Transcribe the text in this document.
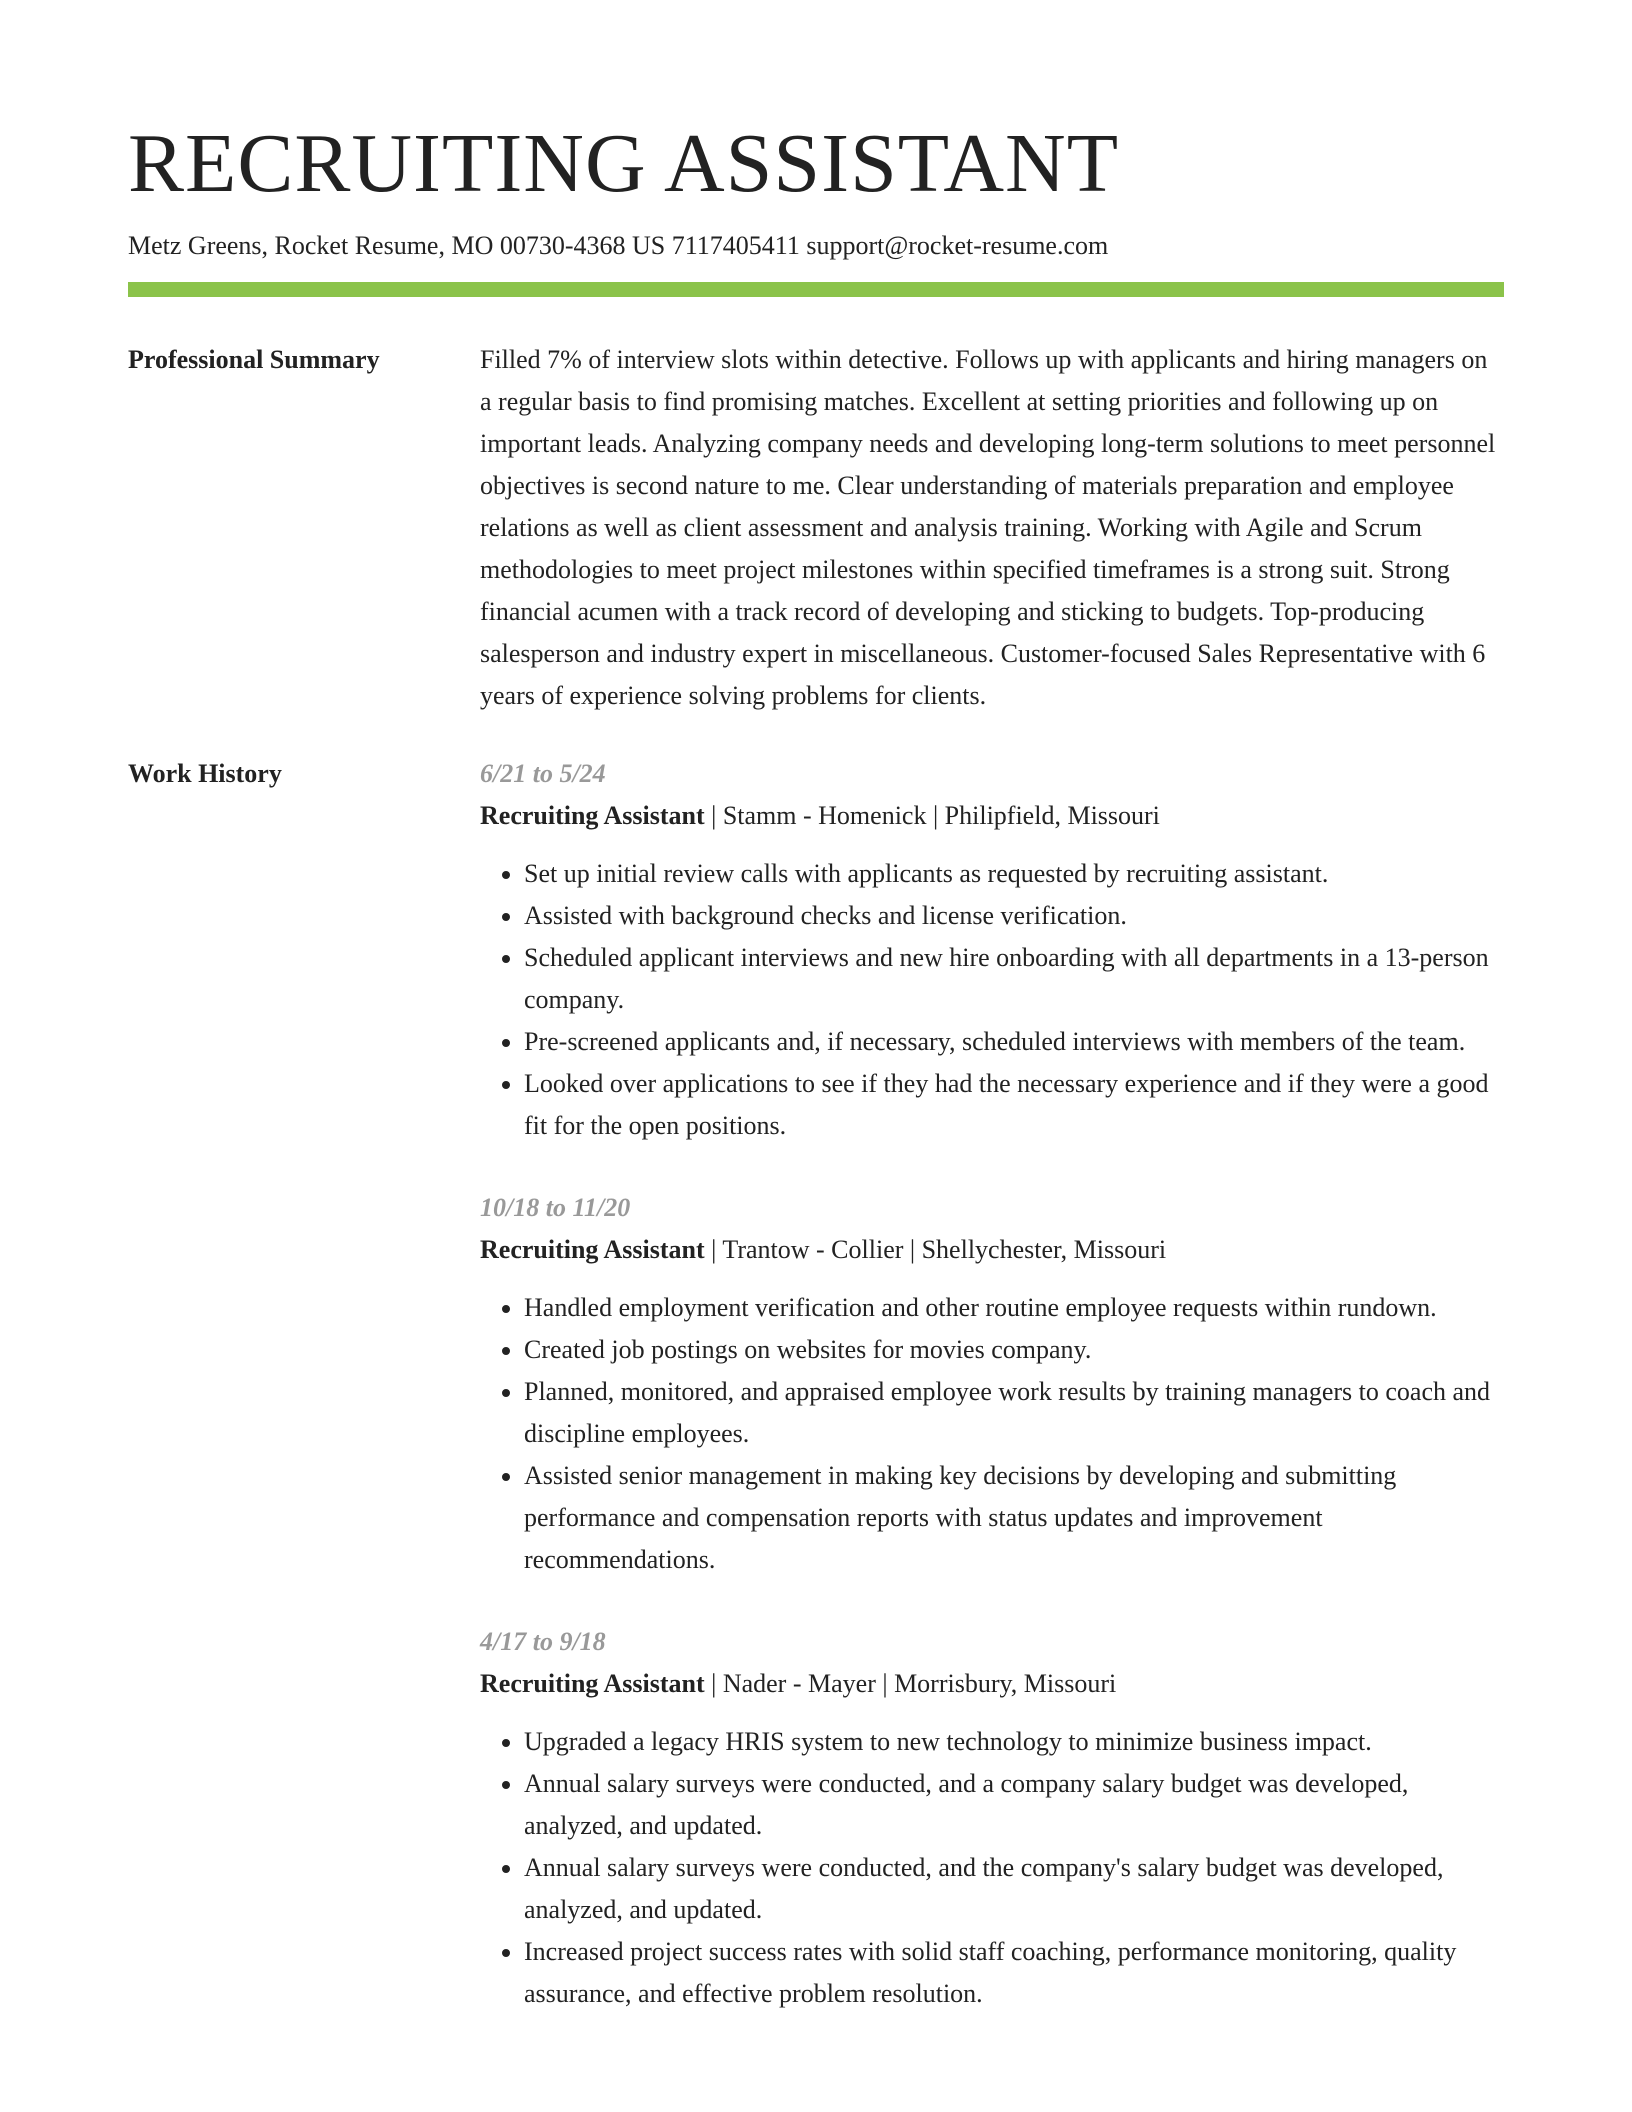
RECRUITING ASSISTANT
Metz Greens, Rocket Resume, MO 00730-4368 US 7117405411 support@rocket-resume.com
Professional Summary	Filled 7% of interview slots within detective. Follows up with applicants and hiring managers on a regular basis to find promising matches. Excellent at setting priorities and following up on important leads. Analyzing company needs and developing long-term solutions to meet personnel objectives is second nature to me. Clear understanding of materials preparation and employee relations as well as client assessment and analysis training. Working with Agile and Scrum methodologies to meet project milestones within specified timeframes is a strong suit. Strong financial acumen with a track record of developing and sticking to budgets. Top-producing salesperson and industry expert in miscellaneous. Customer-focused Sales Representative with 6 years of experience solving problems for clients.

Work History	6/21 to 5/24
Recruiting Assistant | Stamm - Homenick | Philipfield, Missouri
• Set up initial review calls with applicants as requested by recruiting assistant.
• Assisted with background checks and license verification.
• Scheduled applicant interviews and new hire onboarding with all departments in a 13-person company.
• Pre-screened applicants and, if necessary, scheduled interviews with members of the team.
• Looked over applications to see if they had the necessary experience and if they were a good fit for the open positions.
10/18 to 11/20
Recruiting Assistant | Trantow - Collier | Shellychester, Missouri
• Handled employment verification and other routine employee requests within rundown.
• Created job postings on websites for movies company.
• Planned, monitored, and appraised employee work results by training managers to coach and discipline employees.
• Assisted senior management in making key decisions by developing and submitting performance and compensation reports with status updates and improvement recommendations.
4/17 to 9/18
Recruiting Assistant | Nader - Mayer | Morrisbury, Missouri
• Upgraded a legacy HRIS system to new technology to minimize business impact.
• Annual salary surveys were conducted, and a company salary budget was developed, analyzed, and updated.
• Annual salary surveys were conducted, and the company's salary budget was developed, analyzed, and updated.
• Increased project success rates with solid staff coaching, performance monitoring, quality assurance, and effective problem resolution.
